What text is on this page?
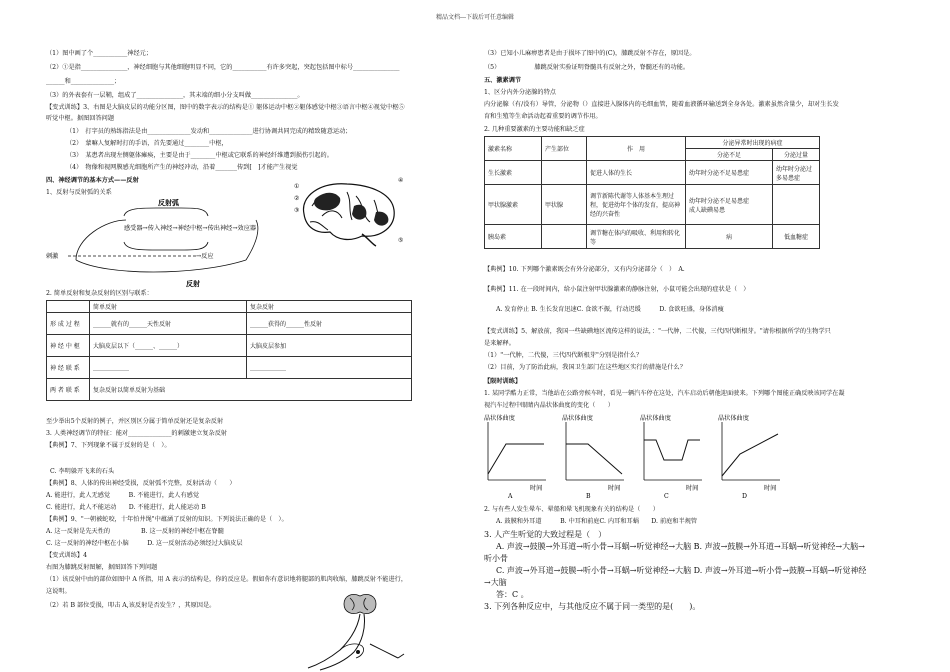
精品文档---下载后可任意编辑
（1）图中画了个___________神经元；
（2）①是指_______________，神经细胞与其他细胞明显不同，它的___________有许多突起，突起包括图中标号_______________
______和______________；
（3）的外表套有一层鞘，组成了_______________，其末端的细小分支叫做_______________。
【变式训练】3、右图是大脑皮层的功能分区图，图中的数字表示的结构是① 躯体运动中枢②躯体感觉中枢③语言中枢④视觉中枢⑤
听觉中枢。据图回答问题
（1）　打字员的熟练指法是由______________发动和______________进行协调共同完成的精致随意运动；
（2）　蒙嘛人复解时打的手语，首先要通过________中枢，
（3）　某患者出现左侧躯体瘫痪，主要是由于________中枢或它联系的神经纤维遭到损伤引起的。
（4）　物像和视网膜感光细胞所产生的神经冲动，沿着_______传到[　]才能产生视觉
四、神经调节的基本方式——反射
1、反射与反射弧的关系
①
②
③
④
⑤
反射弧
感受器→传入神经→神经中枢→传出神经→效应器
刺激	→反应
反射
2. 简单反射和复杂反射的区别与联系：
	简单反射	复杂反射
形 成 过 程	______就有的______天性反射	______获得的______性反射
神 经 中 枢	大脑皮层以下（______、______）	大脑皮层参加
神 经 联 系	____________	____________
两 者 联 系	复杂反射以简单反射为基础	
至少举出5个反射的例子，并区别区分属于简单反射还是复杂反射
3. 人类神经调节的特征：能对______________的刺激建立复杂反射
【典例】7、下列现象不属于反射的是（　）。
C. 李明躲开飞来的石头
【典例】8、人体的传出神经受损，反射弧不完整，反射活动（　　）
A. 能进行，此人无感觉　　　B. 不能进行，此人有感觉
C. 能进行，此人不能运动　　D. 不能进行，此人能运动 B
【典例】9、"一朝被蛇咬，十年怕井绳"中蕴涵了反射的知识。下列说法正确的是（　）。
A. 这一反射是先天性的　　　　　B. 这一反射的神经中枢在脊髓
C. 这一反射的神经中枢在小脑　　　D. 这一反射活动必须经过大脑皮层
【变式训练】4
右图为膝跳反射图解，据图回答下列问题
（1）该反射中由的部位如图中 A 所指，用 A 表示的结构是，你的反应是。假如你有意识地将腿部的肌肉收缩，膝跳反射不能进行，
这说明。
（2）若 B 部位受损，叩击 A,该反射是否发生？，其原因是。
（3）已知小儿麻痹患者是由于损坏了图中的(C)，膝跳反射不存在，原因是。
（5）　　　　　　膝跳反射实验证明脊髓具有反射之外，脊髓还有的功能。
五、激素调节
1、区分内外分泌腺的特点
内分泌腺（有/没有）导管，分泌物（）直接进入腺体内的毛细血管，随着血液循环输送到全身各处。激素虽然含量少，却对生长发
育和生殖等生命活动起着重要的调节作用。
2. 几种重要激素的主要功能和缺乏症
激素名称	产生部位	作　用	分泌异常时出现的病症	
			分泌不足	分泌过量
生长激素		促进人体的生长	幼年时分泌不足易患症	幼年时分泌过多易患症
甲状腺激素	甲状腺	调节新陈代谢等人体基本生理过程，促进幼年个体的发育，提高神经的兴奋性	幼年时分泌不足易患症
成人缺碘易患	
胰岛素		调节糖在体内的吸收、利用和转化等	病	低血糖症
【典例】10. 下列哪个激素既会有外分泌部分，又有内分泌部分（　）　A.
【典例】11. 在一段时间内，给小鼠注射甲状腺激素的静脉注射，小鼠可能会出现的症状是（　）
A. 发育停止 B. 生长发育迅速C. 食欲不振，行动迟缓　　　D. 食欲旺盛，身体消瘦
【变式训练】5、解放前，我国一些缺碘地区流传这样的说法，："一代肿，二代傻，三代四代断根芽。"请你根据所学的生物学只
是来解释。
（1）"一代肿，二代傻，三代四代断根芽"分别是指什么？
（2）目前，为了防治此病，我国卫生部门在这些地区实行的措施是什么？
【限时训练】
1. 某同学酷力正常，当他站在公路旁候车时，看见一辆汽车停在这处，汽车启动后朝他迎面驶来。下列哪个图能正确反映该同学在凝
视汽车过程中眼睛内晶状体曲度的变化（　　）
晶状体曲度
时间
A
晶状体曲度
时间
B
晶状体曲度
时间
C
晶状体曲度
时间
D
2. 与有些人发生晕车、晕船和晕飞机现象有关的结构是（　　）
A. 鼓膜和外耳道　　　B. 中耳和前庭C. 内耳和耳蜗　　D. 前庭和半规管
3. 人产生听觉的大致过程是（　）
A. 声波→鼓膜→外耳道→听小骨→耳蜗→听觉神经→大脑 B. 声波→鼓膜→外耳道→耳蜗→听觉神经→大脑→
听小骨
C. 声波→外耳道→鼓膜→听小骨→耳蜗→听觉神经→大脑 D. 声波→外耳道→听小骨→鼓膜→耳蜗→听觉神经
→大脑
答：C 。
3. 下列各种反应中，与其他反应不属于同一类型的是(　　)。
